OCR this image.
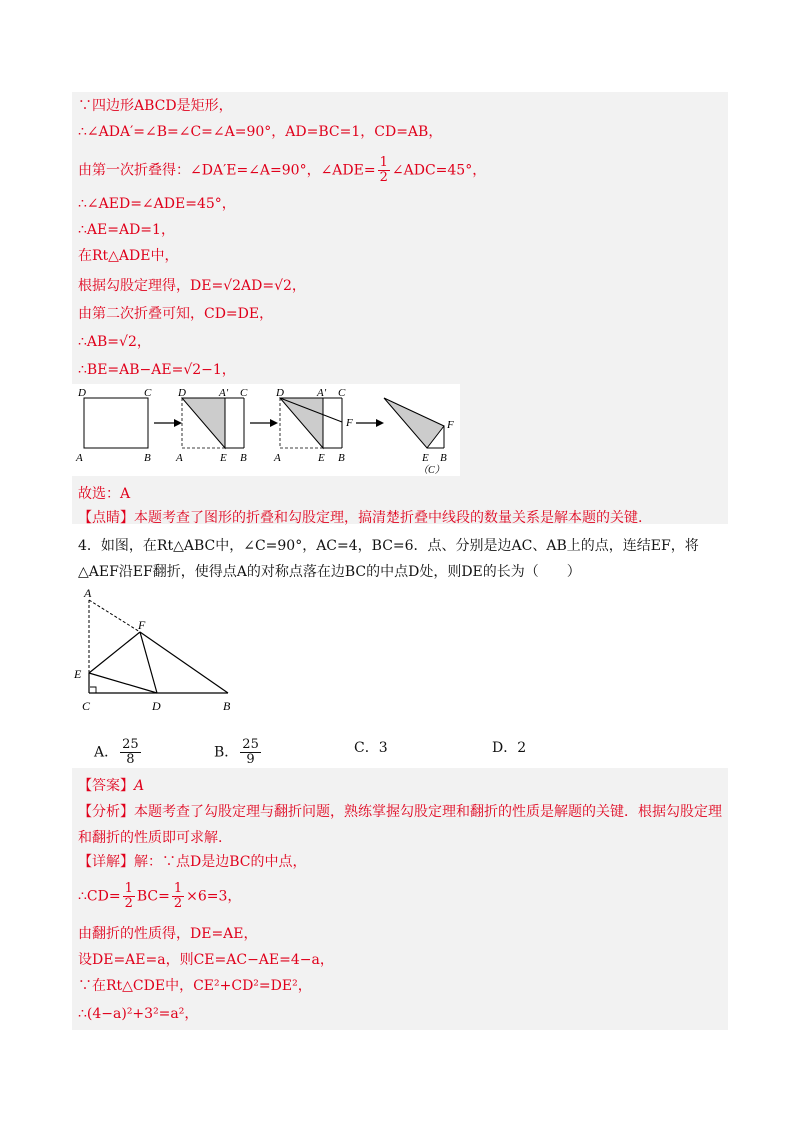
∵四边形ABCD是矩形，
∴∠ADA′=∠B=∠C=∠A=90°，AD=BC=1，CD=AB，
由第一次折叠得：∠DA′E=∠A=90°，∠ADE= $\frac{1}{2}$ ∠ADC=45°，
∴∠AED=∠ADE=45°，
∴AE=AD=1，
在Rt△ADE中，
根据勾股定理得，DE=√2AD=√2，
由第二次折叠可知，CD=DE，
∴AB=√2，
∴BE=AB−AE=√2−1，
D	C
A	B
D	A′ C
A	E B
D	A′ C
F
A	E B
F
E B
（C）
故选：A
【点睛】本题考查了图形的折叠和勾股定理，搞清楚折叠中线段的数量关系是解本题的关键.
4．如图，在Rt△ABC中，∠C=90°，AC=4，BC=6．点、分别是边AC、AB上的点，连结EF，将
△AEF沿EF翻折，使得点A的对称点落在边BC的中点D处，则DE的长为（　　）
A
F
E
C	D	B
A． $\frac{25}{8}$	B． $\frac{25}{9}$	C．3	D．2
【答案】A
【分析】本题考查了勾股定理与翻折问题，熟练掌握勾股定理和翻折的性质是解题的关键．根据勾股定理
和翻折的性质即可求解.
【详解】解：∵点D是边BC的中点，
∴CD= $\frac{1}{2} BC= \frac{1}{2} \times 6=3$，
由翻折的性质得，DE=AE，
设DE=AE=a，则CE=AC−AE=4−a，
∵在Rt△CDE中，CE²+CD²=DE²，
∴(4−a)²+3²=a²，
